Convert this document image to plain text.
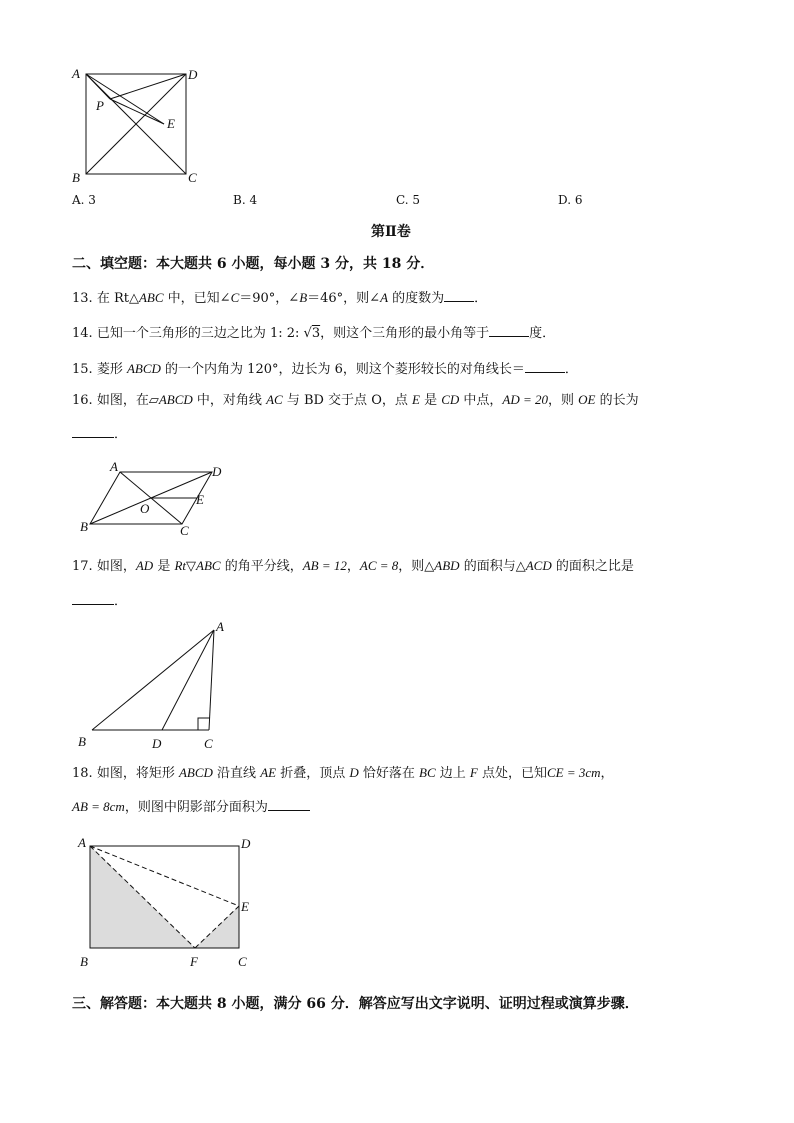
A	D
P
E
B	C
A. 3	B. 4	C. 5	D. 6
第Ⅱ卷
二、填空题：本大题共 6 小题，每小题 3 分，共 18 分．
13. 在 Rt△ABC 中，已知∠C＝90°，∠B＝46°，则∠A 的度数为 ．
14. 已知一个三角形的三边之比为 1: 2: √3，则这个三角形的最小角等于	度．
15. 菱形 ABCD 的一个内角为 120°，边长为 6，则这个菱形较长的对角线长＝	．
16. 如图，在▱ABCD 中，对角线 AC 与 BD 交于点 O，点 E 是 CD 中点，AD = 20，则 OE 的长为
．
A	D
E
O
B	C
17. 如图，AD 是 Rt▽ABC 的角平分线，AB = 12，AC = 8，则△ABD 的面积与△ACD 的面积之比是
．
A
B	D	C
18. 如图，将矩形 ABCD 沿直线 AE 折叠，顶点 D 恰好落在 BC 边上 F 点处，已知CE = 3cm，
AB = 8cm，则图中阴影部分面积为
A	D
E
B	F	C
三、解答题：本大题共 8 小题，满分 66 分．解答应写出文字说明、证明过程或演算步骤．
